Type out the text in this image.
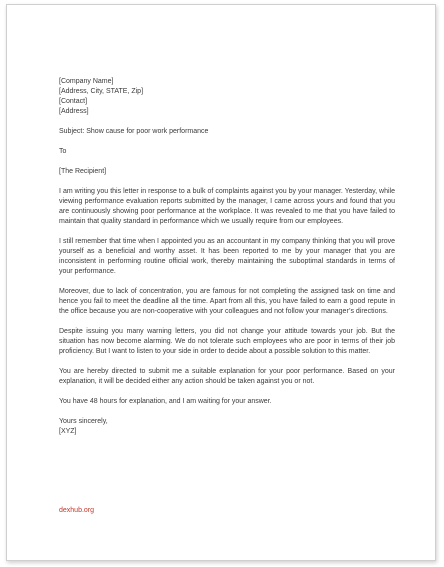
[Company Name]
[Address, City, STATE, Zip]
[Contact]
[Address]

Subject: Show cause for poor work performance

To

[The Recipient]

I am writing you this letter in response to a bulk of complaints against you by your manager. Yesterday, while viewing performance evaluation reports submitted by the manager, I came across yours and found that you are continuously showing poor performance at the workplace. It was revealed to me that you have failed to maintain that quality standard in performance which we usually require from our employees.

I still remember that time when I appointed you as an accountant in my company thinking that you will prove yourself as a beneficial and worthy asset. It has been reported to me by your manager that you are inconsistent in performing routine official work, thereby maintaining the suboptimal standards in terms of your performance.

Moreover, due to lack of concentration, you are famous for not completing the assigned task on time and hence you fail to meet the deadline all the time. Apart from all this, you have failed to earn a good repute in the office because you are non-cooperative with your colleagues and not follow your manager’s directions.

Despite issuing you many warning letters, you did not change your attitude towards your job. But the situation has now become alarming. We do not tolerate such employees who are poor in terms of their job proficiency. But I want to listen to your side in order to decide about a possible solution to this matter.

You are hereby directed to submit me a suitable explanation for your poor performance. Based on your explanation, it will be decided either any action should be taken against you or not.

You have 48 hours for explanation, and I am waiting for your answer.

Yours sincerely,

[XYZ]

dexhub.org
